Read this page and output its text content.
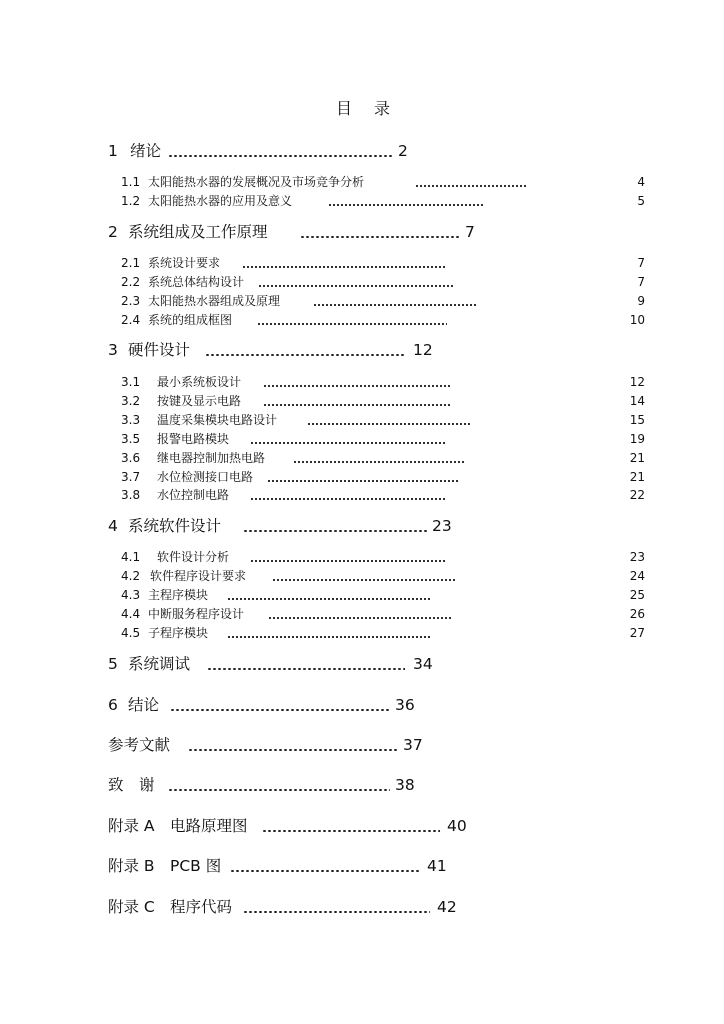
目 录
1 绪论	2
1.1 太阳能热水器的发展概况及市场竞争分析	4
1.2 太阳能热水器的应用及意义	5
2 系统组成及工作原理	7
2.1 系统设计要求	7
2.2 系统总体结构设计	7
2.3 太阳能热水器组成及原理	9
2.4 系统的组成框图	10
3 硬件设计	12
3.1 最小系统板设计	12
3.2 按键及显示电路	14
3.3 温度采集模块电路设计	15
3.5 报警电路模块	19
3.6 继电器控制加热电路	21
3.7 水位检测接口电路	21
3.8 水位控制电路	22
4 系统软件设计	23
4.1 软件设计分析	23
4.2 软件程序设计要求	24
4.3 主程序模块	25
4.4 中断服务程序设计	26
4.5 子程序模块	27
5 系统调试	34
6 结论	36
参考文献	37
致　谢	38
附录 A 电路原理图	40
附录 B PCB 图	41
附录 C 程序代码	42
